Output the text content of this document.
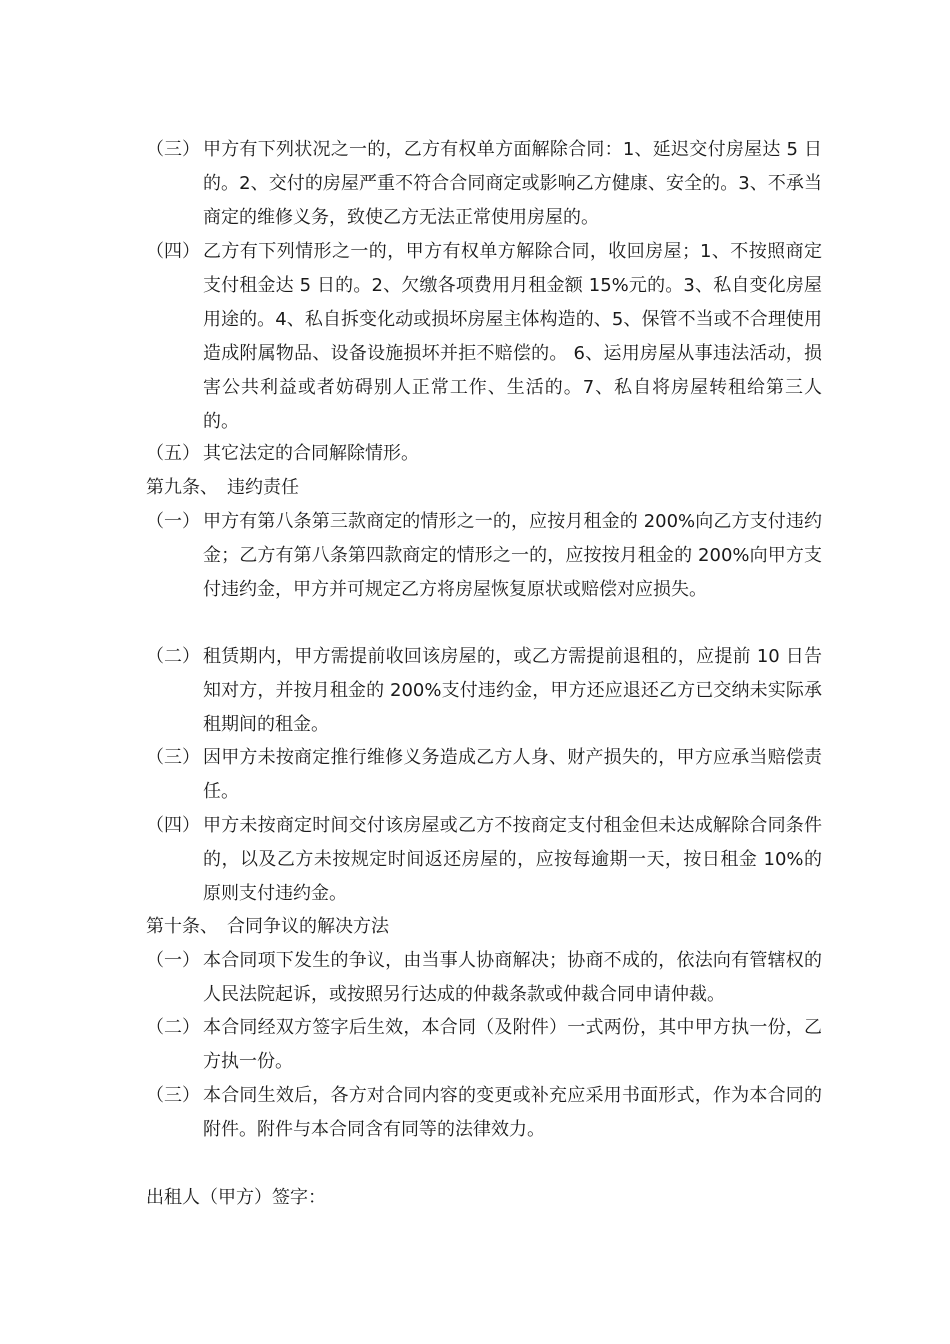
（三） 甲方有下列状况之一的，乙方有权单方面解除合同：1、延迟交付房屋达 5 日的。2、交付的房屋严重不符合合同商定或影响乙方健康、安全的。3、不承当商定的维修义务，致使乙方无法正常使用房屋的。
（四） 乙方有下列情形之一的，甲方有权单方解除合同，收回房屋；1、不按照商定支付租金达 5 日的。2、欠缴各项费用月租金额 15%元的。3、私自变化房屋用途的。4、私自拆变化动或损坏房屋主体构造的、5、保管不当或不合理使用造成附属物品、设备设施损坏并拒不赔偿的。 6、运用房屋从事违法活动，损害公共利益或者妨碍别人正常工作、生活的。7、私自将房屋转租给第三人的。
（五） 其它法定的合同解除情形。
第九条、　违约责任
（一） 甲方有第八条第三款商定的情形之一的，应按月租金的 200%向乙方支付违约金；乙方有第八条第四款商定的情形之一的，应按按月租金的 200%向甲方支付违约金，甲方并可规定乙方将房屋恢复原状或赔偿对应损失。
（二） 租赁期内，甲方需提前收回该房屋的，或乙方需提前退租的，应提前 10 日告知对方，并按月租金的 200%支付违约金，甲方还应退还乙方已交纳未实际承租期间的租金。
（三） 因甲方未按商定推行维修义务造成乙方人身、财产损失的，甲方应承当赔偿责任。
（四） 甲方未按商定时间交付该房屋或乙方不按商定支付租金但未达成解除合同条件的，以及乙方未按规定时间返还房屋的，应按每逾期一天，按日租金 10%的原则支付违约金。
第十条、　合同争议的解决方法
（一） 本合同项下发生的争议，由当事人协商解决；协商不成的，依法向有管辖权的人民法院起诉，或按照另行达成的仲裁条款或仲裁合同申请仲裁。
（二） 本合同经双方签字后生效，本合同（及附件）一式两份，其中甲方执一份，乙方执一份。
（三） 本合同生效后，各方对合同内容的变更或补充应采用书面形式，作为本合同的附件。附件与本合同含有同等的法律效力。
出租人（甲方）签字：
